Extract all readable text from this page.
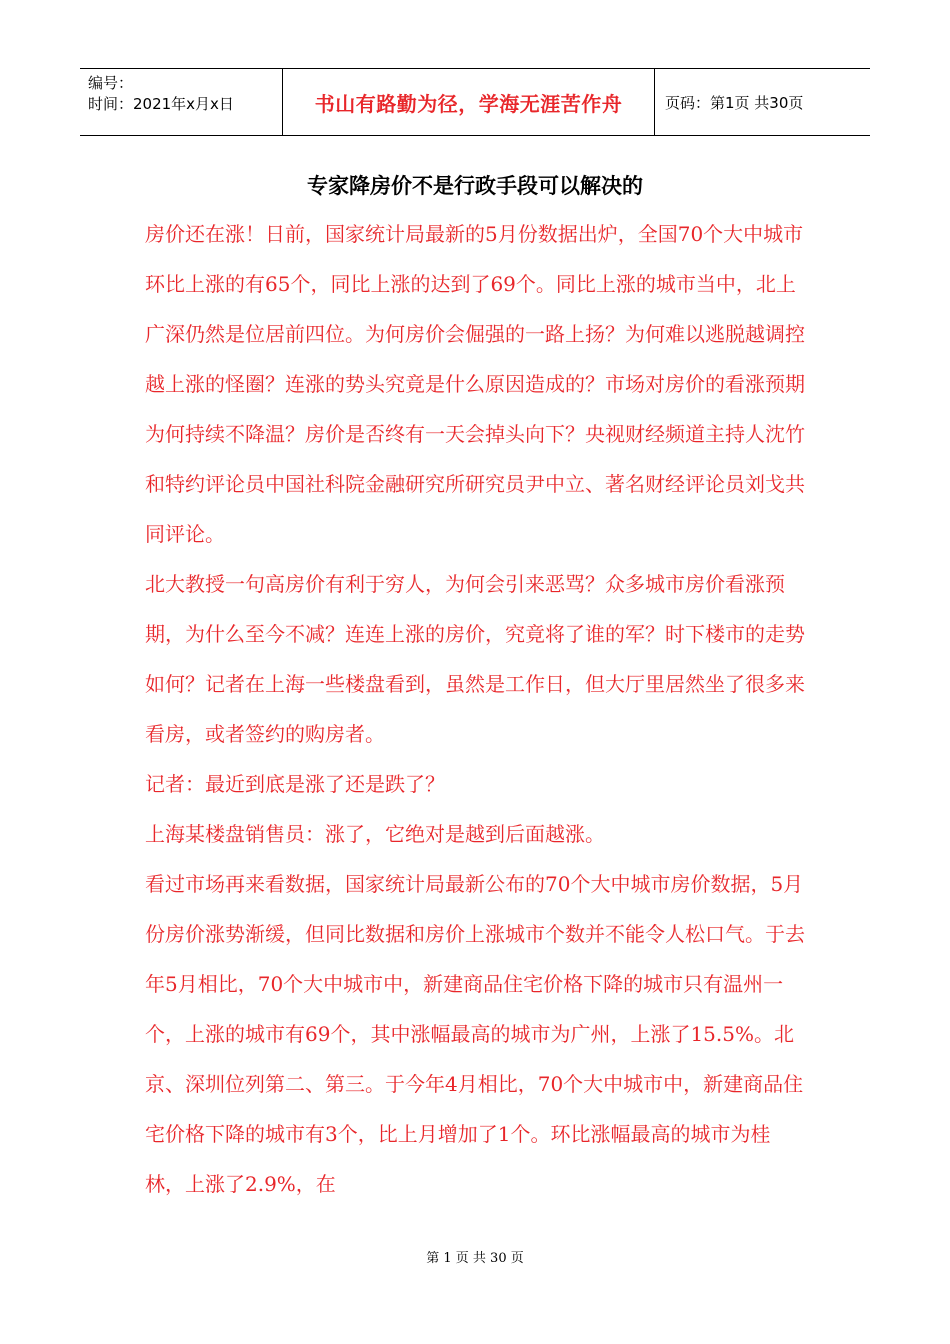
编号：
时间：2021年x月x日	书山有路勤为径，学海无涯苦作舟	页码：第1页 共30页
专家降房价不是行政手段可以解决的

房价还在涨！日前，国家统计局最新的5月份数据出炉，全国70个大中城市环比上涨的有65个，同比上涨的达到了69个。同比上涨的城市当中，北上广深仍然是位居前四位。为何房价会倔强的一路上扬？为何难以逃脱越调控越上涨的怪圈？连涨的势头究竟是什么原因造成的？市场对房价的看涨预期为何持续不降温？房价是否终有一天会掉头向下？央视财经频道主持人沈竹和特约评论员中国社科院金融研究所研究员尹中立、著名财经评论员刘戈共同评论。

北大教授一句高房价有利于穷人，为何会引来恶骂？众多城市房价看涨预期，为什么至今不减？连连上涨的房价，究竟将了谁的军？时下楼市的走势如何？记者在上海一些楼盘看到，虽然是工作日，但大厅里居然坐了很多来看房，或者签约的购房者。

记者：最近到底是涨了还是跌了？

上海某楼盘销售员：涨了，它绝对是越到后面越涨。

看过市场再来看数据，国家统计局最新公布的70个大中城市房价数据，5月份房价涨势渐缓，但同比数据和房价上涨城市个数并不能令人松口气。于去年5月相比，70个大中城市中，新建商品住宅价格下降的城市只有温州一个，上涨的城市有69个，其中涨幅最高的城市为广州，上涨了15.5%。北京、深圳位列第二、第三。于今年4月相比，70个大中城市中，新建商品住宅价格下降的城市有3个，比上月增加了1个。环比涨幅最高的城市为桂林，上涨了2.9%，在

第 1 页 共 30 页
